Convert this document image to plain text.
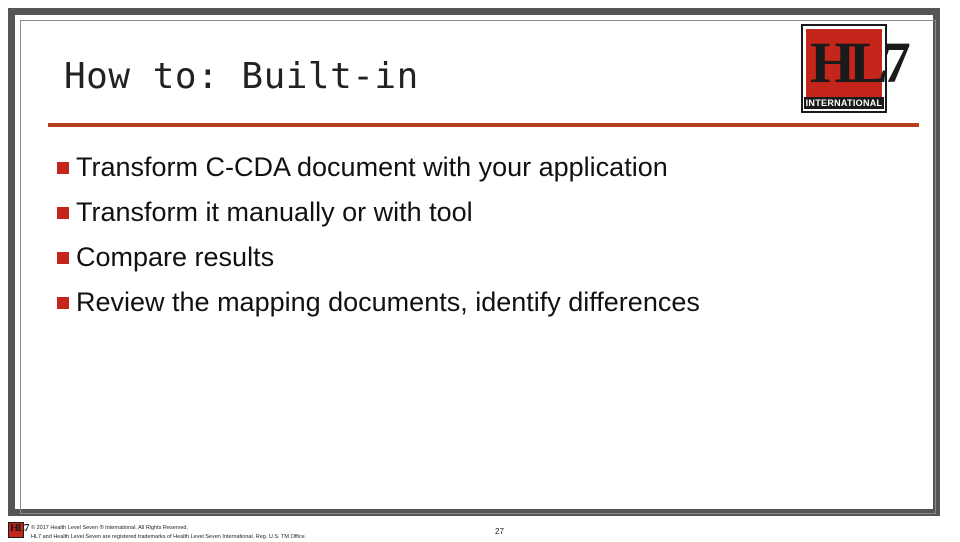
How to: Built-in	HL7
INTERNATIONAL
Transform C-CDA document with your application
Transform it manually or with tool
Compare results
Review the mapping documents, identify differences
HL7 © 2017 Health Level Seven ® International. All Rights Reserved.
HL7 and Health Level Seven are registered trademarks of Health Level Seven International. Reg. U.S. TM Office.
27
